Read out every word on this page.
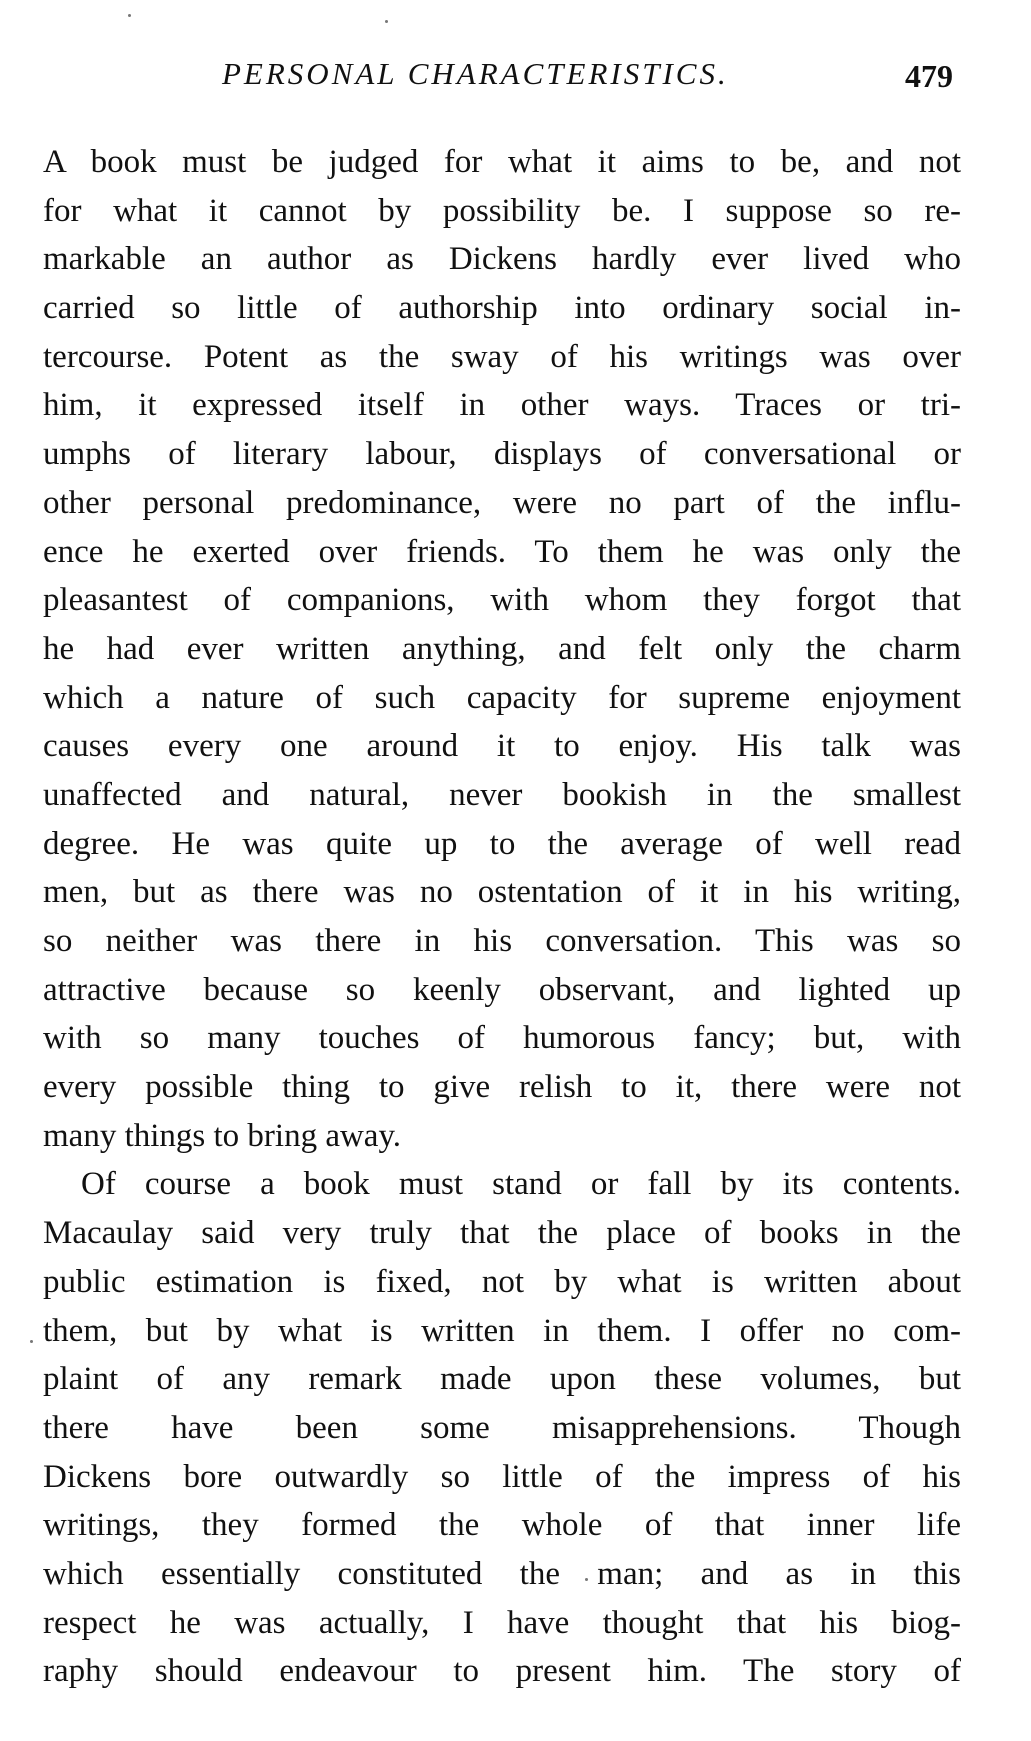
PERSONAL CHARACTERISTICS.	479
A book must be judged for what it aims to be, and not
for what it cannot by possibility be. I suppose so re-
markable an author as Dickens hardly ever lived who
carried so little of authorship into ordinary social in-
tercourse. Potent as the sway of his writings was over
him, it expressed itself in other ways. Traces or tri-
umphs of literary labour, displays of conversational or
other personal predominance, were no part of the influ-
ence he exerted over friends. To them he was only the
pleasantest of companions, with whom they forgot that
he had ever written anything, and felt only the charm
which a nature of such capacity for supreme enjoyment
causes every one around it to enjoy. His talk was
unaffected and natural, never bookish in the smallest
degree. He was quite up to the average of well read
men, but as there was no ostentation of it in his writing,
so neither was there in his conversation. This was so
attractive because so keenly observant, and lighted up
with so many touches of humorous fancy; but, with
every possible thing to give relish to it, there were not
many things to bring away.
Of course a book must stand or fall by its contents.
Macaulay said very truly that the place of books in the
public estimation is fixed, not by what is written about
them, but by what is written in them. I offer no com-
plaint of any remark made upon these volumes, but
there have been some misapprehensions. Though
Dickens bore outwardly so little of the impress of his
writings, they formed the whole of that inner life
which essentially constituted the man; and as in this
respect he was actually, I have thought that his biog-
raphy should endeavour to present him. The story of
